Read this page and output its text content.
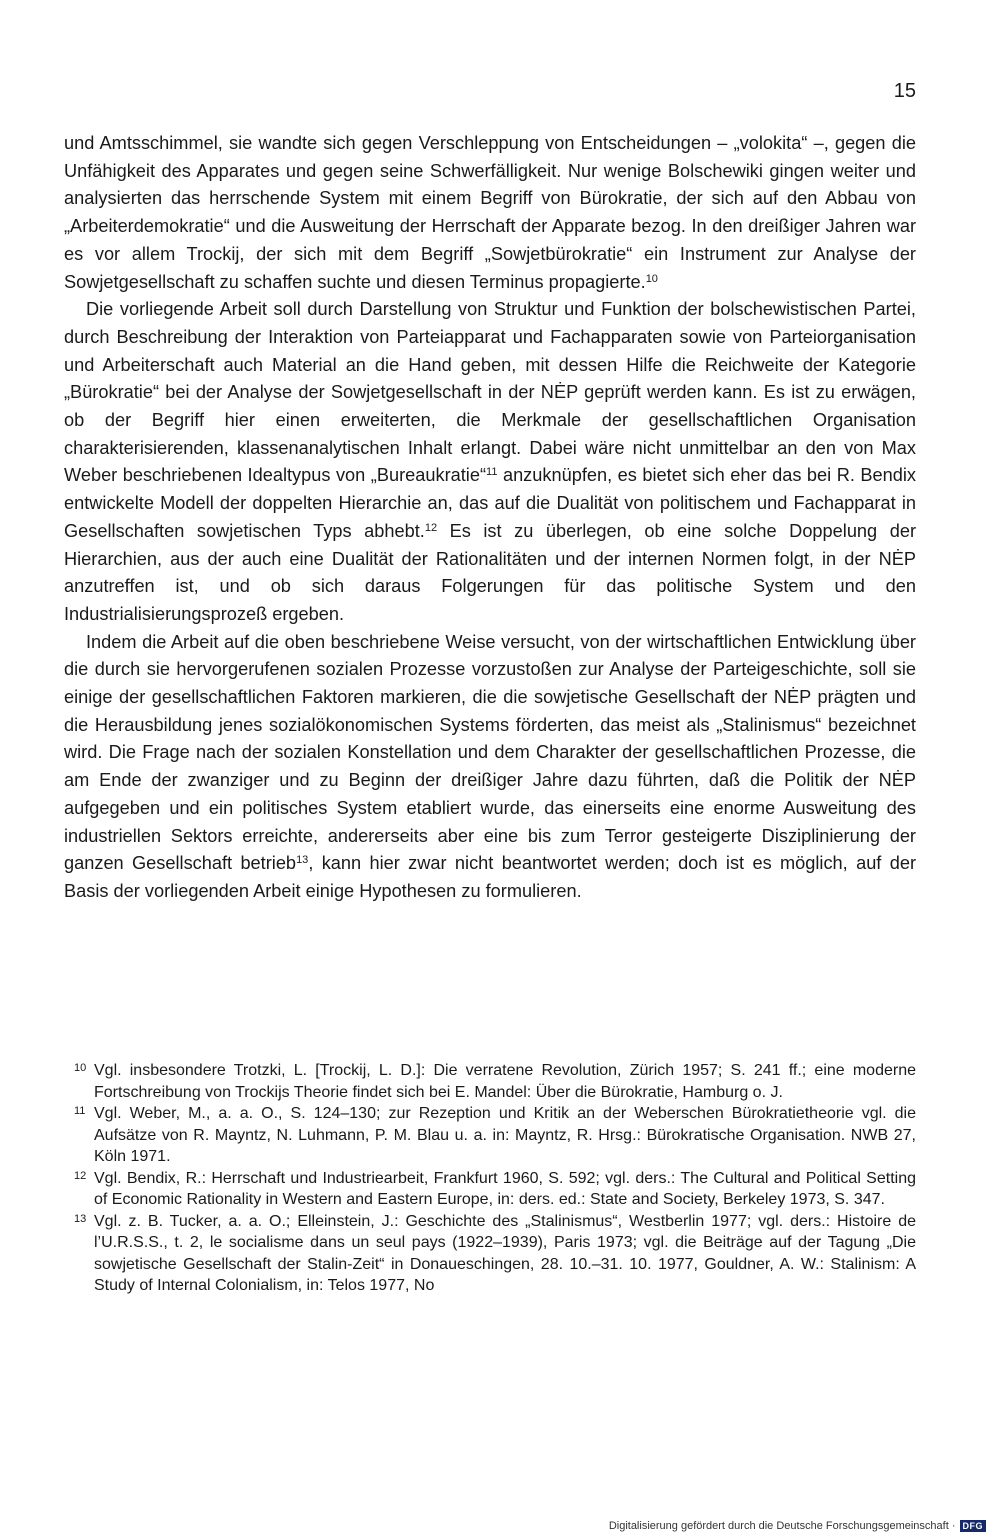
15

und Amtsschimmel, sie wandte sich gegen Verschleppung von Entscheidungen – „volokita“ –, gegen die Unfähigkeit des Apparates und gegen seine Schwerfälligkeit. Nur wenige Bolschewiki gingen weiter und analysierten das herrschende System mit einem Begriff von Bürokratie, der sich auf den Abbau von „Arbeiterdemokratie“ und die Ausweitung der Herrschaft der Apparate bezog. In den dreißiger Jahren war es vor allem Trockij, der sich mit dem Begriff „Sowjetbürokratie“ ein Instrument zur Analyse der Sowjetgesellschaft zu schaffen suchte und diesen Terminus propagierte.$^{10}$

Die vorliegende Arbeit soll durch Darstellung von Struktur und Funktion der bolschewistischen Partei, durch Beschreibung der Interaktion von Parteiapparat und Fachapparaten sowie von Parteiorganisation und Arbeiterschaft auch Material an die Hand geben, mit dessen Hilfe die Reichweite der Kategorie „Bürokratie“ bei der Analyse der Sowjetgesellschaft in der NĖP geprüft werden kann. Es ist zu erwägen, ob der Begriff hier einen erweiterten, die Merkmale der gesellschaftlichen Organisation charakterisierenden, klassenanalytischen Inhalt erlangt. Dabei wäre nicht unmittelbar an den von Max Weber beschriebenen Idealtypus von „Bureaukratie“$^{11}$ anzuknüpfen, es bietet sich eher das bei R. Bendix entwickelte Modell der doppelten Hierarchie an, das auf die Dualität von politischem und Fachapparat in Gesellschaften sowjetischen Typs abhebt.$^{12}$ Es ist zu überlegen, ob eine solche Doppelung der Hierarchien, aus der auch eine Dualität der Rationalitäten und der internen Normen folgt, in der NĖP anzutreffen ist, und ob sich daraus Folgerungen für das politische System und den Industrialisierungsprozeß ergeben.

Indem die Arbeit auf die oben beschriebene Weise versucht, von der wirtschaftlichen Entwicklung über die durch sie hervorgerufenen sozialen Prozesse vorzustoßen zur Analyse der Parteigeschichte, soll sie einige der gesellschaftlichen Faktoren markieren, die die sowjetische Gesellschaft der NĖP prägten und die Herausbildung jenes sozialökonomischen Systems förderten, das meist als „Stalinismus“ bezeichnet wird. Die Frage nach der sozialen Konstellation und dem Charakter der gesellschaftlichen Prozesse, die am Ende der zwanziger und zu Beginn der dreißiger Jahre dazu führten, daß die Politik der NĖP aufgegeben und ein politisches System etabliert wurde, das einerseits eine enorme Ausweitung des industriellen Sektors erreichte, andererseits aber eine bis zum Terror gesteigerte Disziplinierung der ganzen Gesellschaft betrieb$^{13}$, kann hier zwar nicht beantwortet werden; doch ist es möglich, auf der Basis der vorliegenden Arbeit einige Hypothesen zu formulieren.

10 Vgl. insbesondere Trotzki, L. [Trockij, L. D.]: Die verratene Revolution, Zürich 1957; S. 241 ff.; eine moderne Fortschreibung von Trockijs Theorie findet sich bei E. Mandel: Über die Bürokratie, Hamburg o. J.
11 Vgl. Weber, M., a. a. O., S. 124–130; zur Rezeption und Kritik an der Weberschen Bürokratietheorie vgl. die Aufsätze von R. Mayntz, N. Luhmann, P. M. Blau u. a. in: Mayntz, R. Hrsg.: Bürokratische Organisation. NWB 27, Köln 1971.
12 Vgl. Bendix, R.: Herrschaft und Industriearbeit, Frankfurt 1960, S. 592; vgl. ders.: The Cultural and Political Setting of Economic Rationality in Western and Eastern Europe, in: ders. ed.: State and Society, Berkeley 1973, S. 347.
13 Vgl. z. B. Tucker, a. a. O.; Elleinstein, J.: Geschichte des „Stalinismus“, Westberlin 1977; vgl. ders.: Histoire de l’U.R.S.S., t. 2, le socialisme dans un seul pays (1922–1939), Paris 1973; vgl. die Beiträge auf der Tagung „Die sowjetische Gesellschaft der Stalin-Zeit“ in Donaueschingen, 28. 10.–31. 10. 1977, Gouldner, A. W.: Stalinism: A Study of Internal Colonialism, in: Telos 1977, No
Digitalisierung gefördert durch die Deutsche Forschungsgemeinschaft · DFG
